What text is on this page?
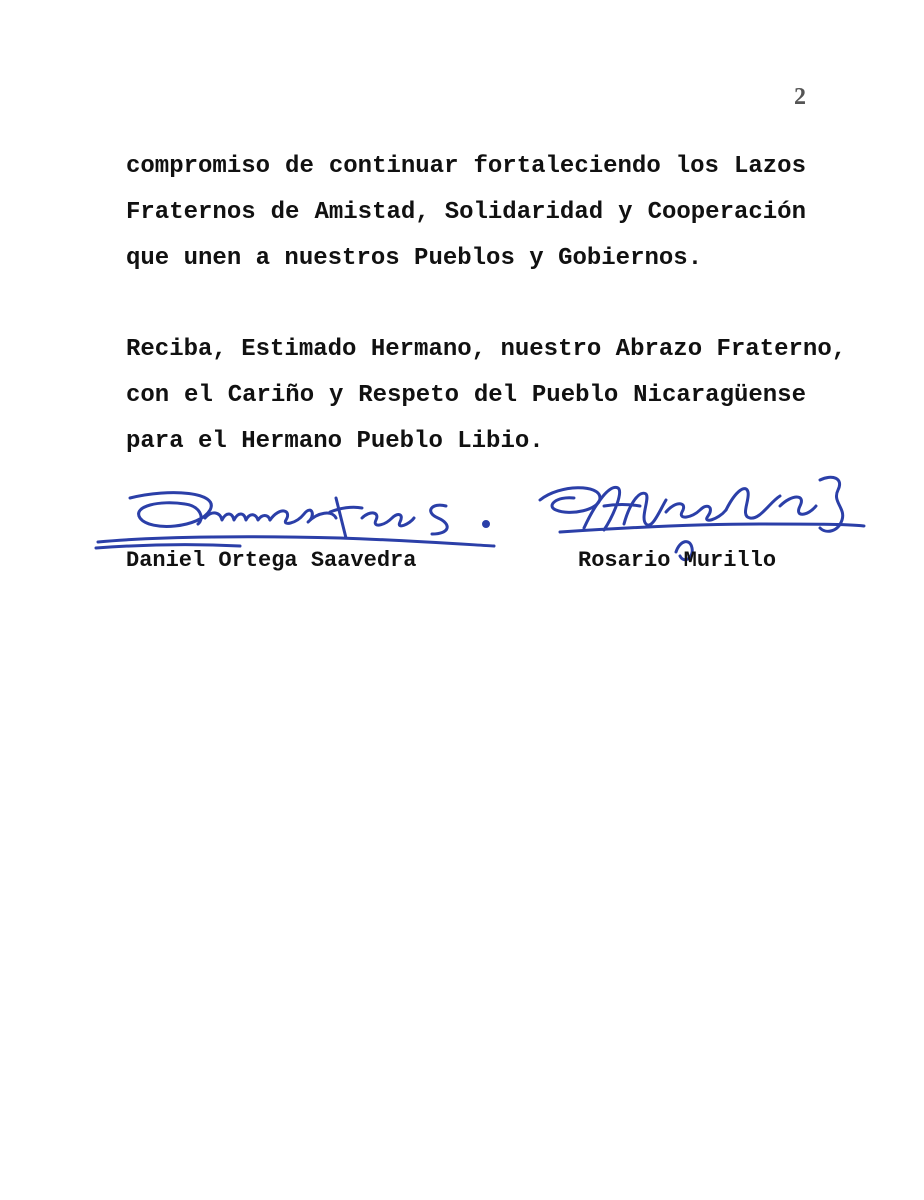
2

compromiso de continuar fortaleciendo los Lazos
Fraternos de Amistad, Solidaridad y Cooperación
que unen a nuestros Pueblos y Gobiernos.

Reciba, Estimado Hermano, nuestro Abrazo Fraterno,
con el Cariño y Respeto del Pueblo Nicaragüense
para el Hermano Pueblo Libio.

Daniel Ortega Saavedra	Rosario Murillo
